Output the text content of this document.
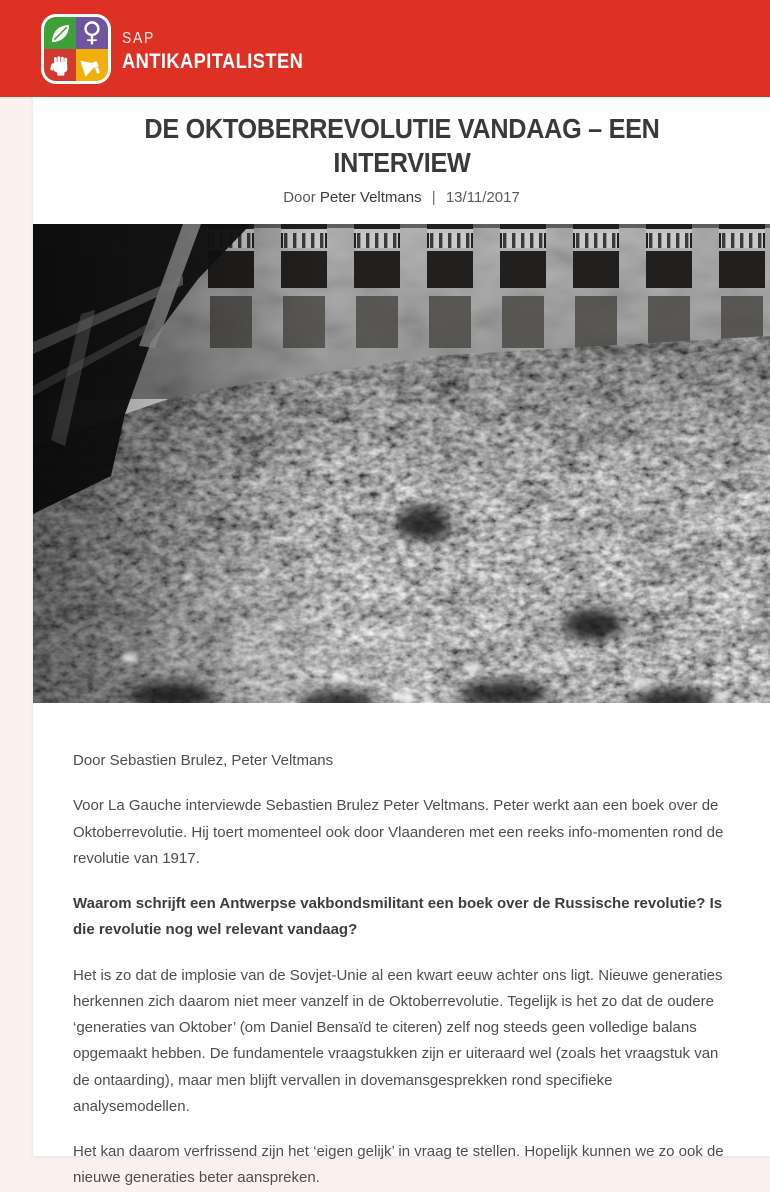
♀ SAP
ANTIKAPITALISTEN
DE OKTOBERREVOLUTIE VANDAAG – EEN INTERVIEW
Door Peter Veltmans | 13/11/2017

Door Sebastien Brulez, Peter Veltmans

Voor La Gauche interviewde Sebastien Brulez Peter Veltmans. Peter werkt aan een boek over de Oktoberrevolutie. Hij toert momenteel ook door Vlaanderen met een reeks info-momenten rond de revolutie van 1917.

Waarom schrijft een Antwerpse vakbondsmilitant een boek over de Russische revolutie? Is die revolutie nog wel relevant vandaag?

Het is zo dat de implosie van de Sovjet-Unie al een kwart eeuw achter ons ligt. Nieuwe generaties herkennen zich daarom niet meer vanzelf in de Oktoberrevolutie. Tegelijk is het zo dat de oudere ‘generaties van Oktober’ (om Daniel Bensaïd te citeren) zelf nog steeds geen volledige balans opgemaakt hebben. De fundamentele vraagstukken zijn er uiteraard wel (zoals het vraagstuk van de ontaarding), maar men blijft vervallen in dovemansgesprekken rond specifieke analysemodellen.

Het kan daarom verfrissend zijn het ‘eigen gelijk’ in vraag te stellen. Hopelijk kunnen we zo ook de nieuwe generaties beter aanspreken.
